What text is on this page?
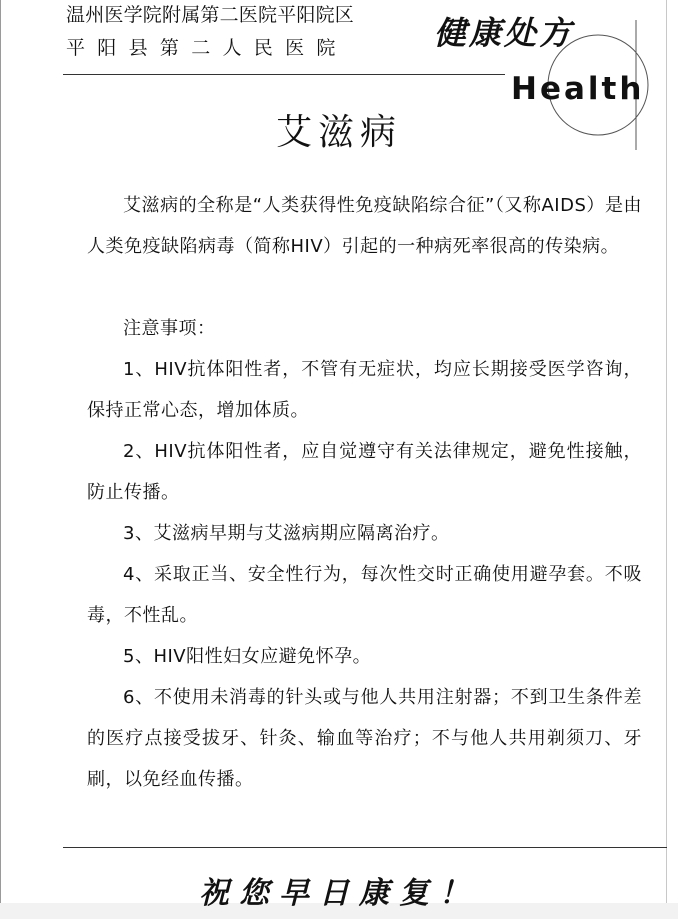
温州医学院附属第二医院平阳院区
平阳县第二人民医院	健康处方
Health
艾滋病

艾滋病的全称是“人类获得性免疫缺陷综合征”（又称AIDS）是由人类免疫缺陷病毒（简称HIV）引起的一种病死率很高的传染病。

注意事项：

1、HIV抗体阳性者，不管有无症状，均应长期接受医学咨询，保持正常心态，增加体质。

2、HIV抗体阳性者，应自觉遵守有关法律规定，避免性接触，防止传播。

3、艾滋病早期与艾滋病期应隔离治疗。

4、采取正当、安全性行为，每次性交时正确使用避孕套。不吸毒，不性乱。

5、HIV阳性妇女应避免怀孕。

6、不使用未消毒的针头或与他人共用注射器；不到卫生条件差的医疗点接受拔牙、针灸、输血等治疗；不与他人共用剃须刀、牙刷，以免经血传播。

祝您早日康复！
